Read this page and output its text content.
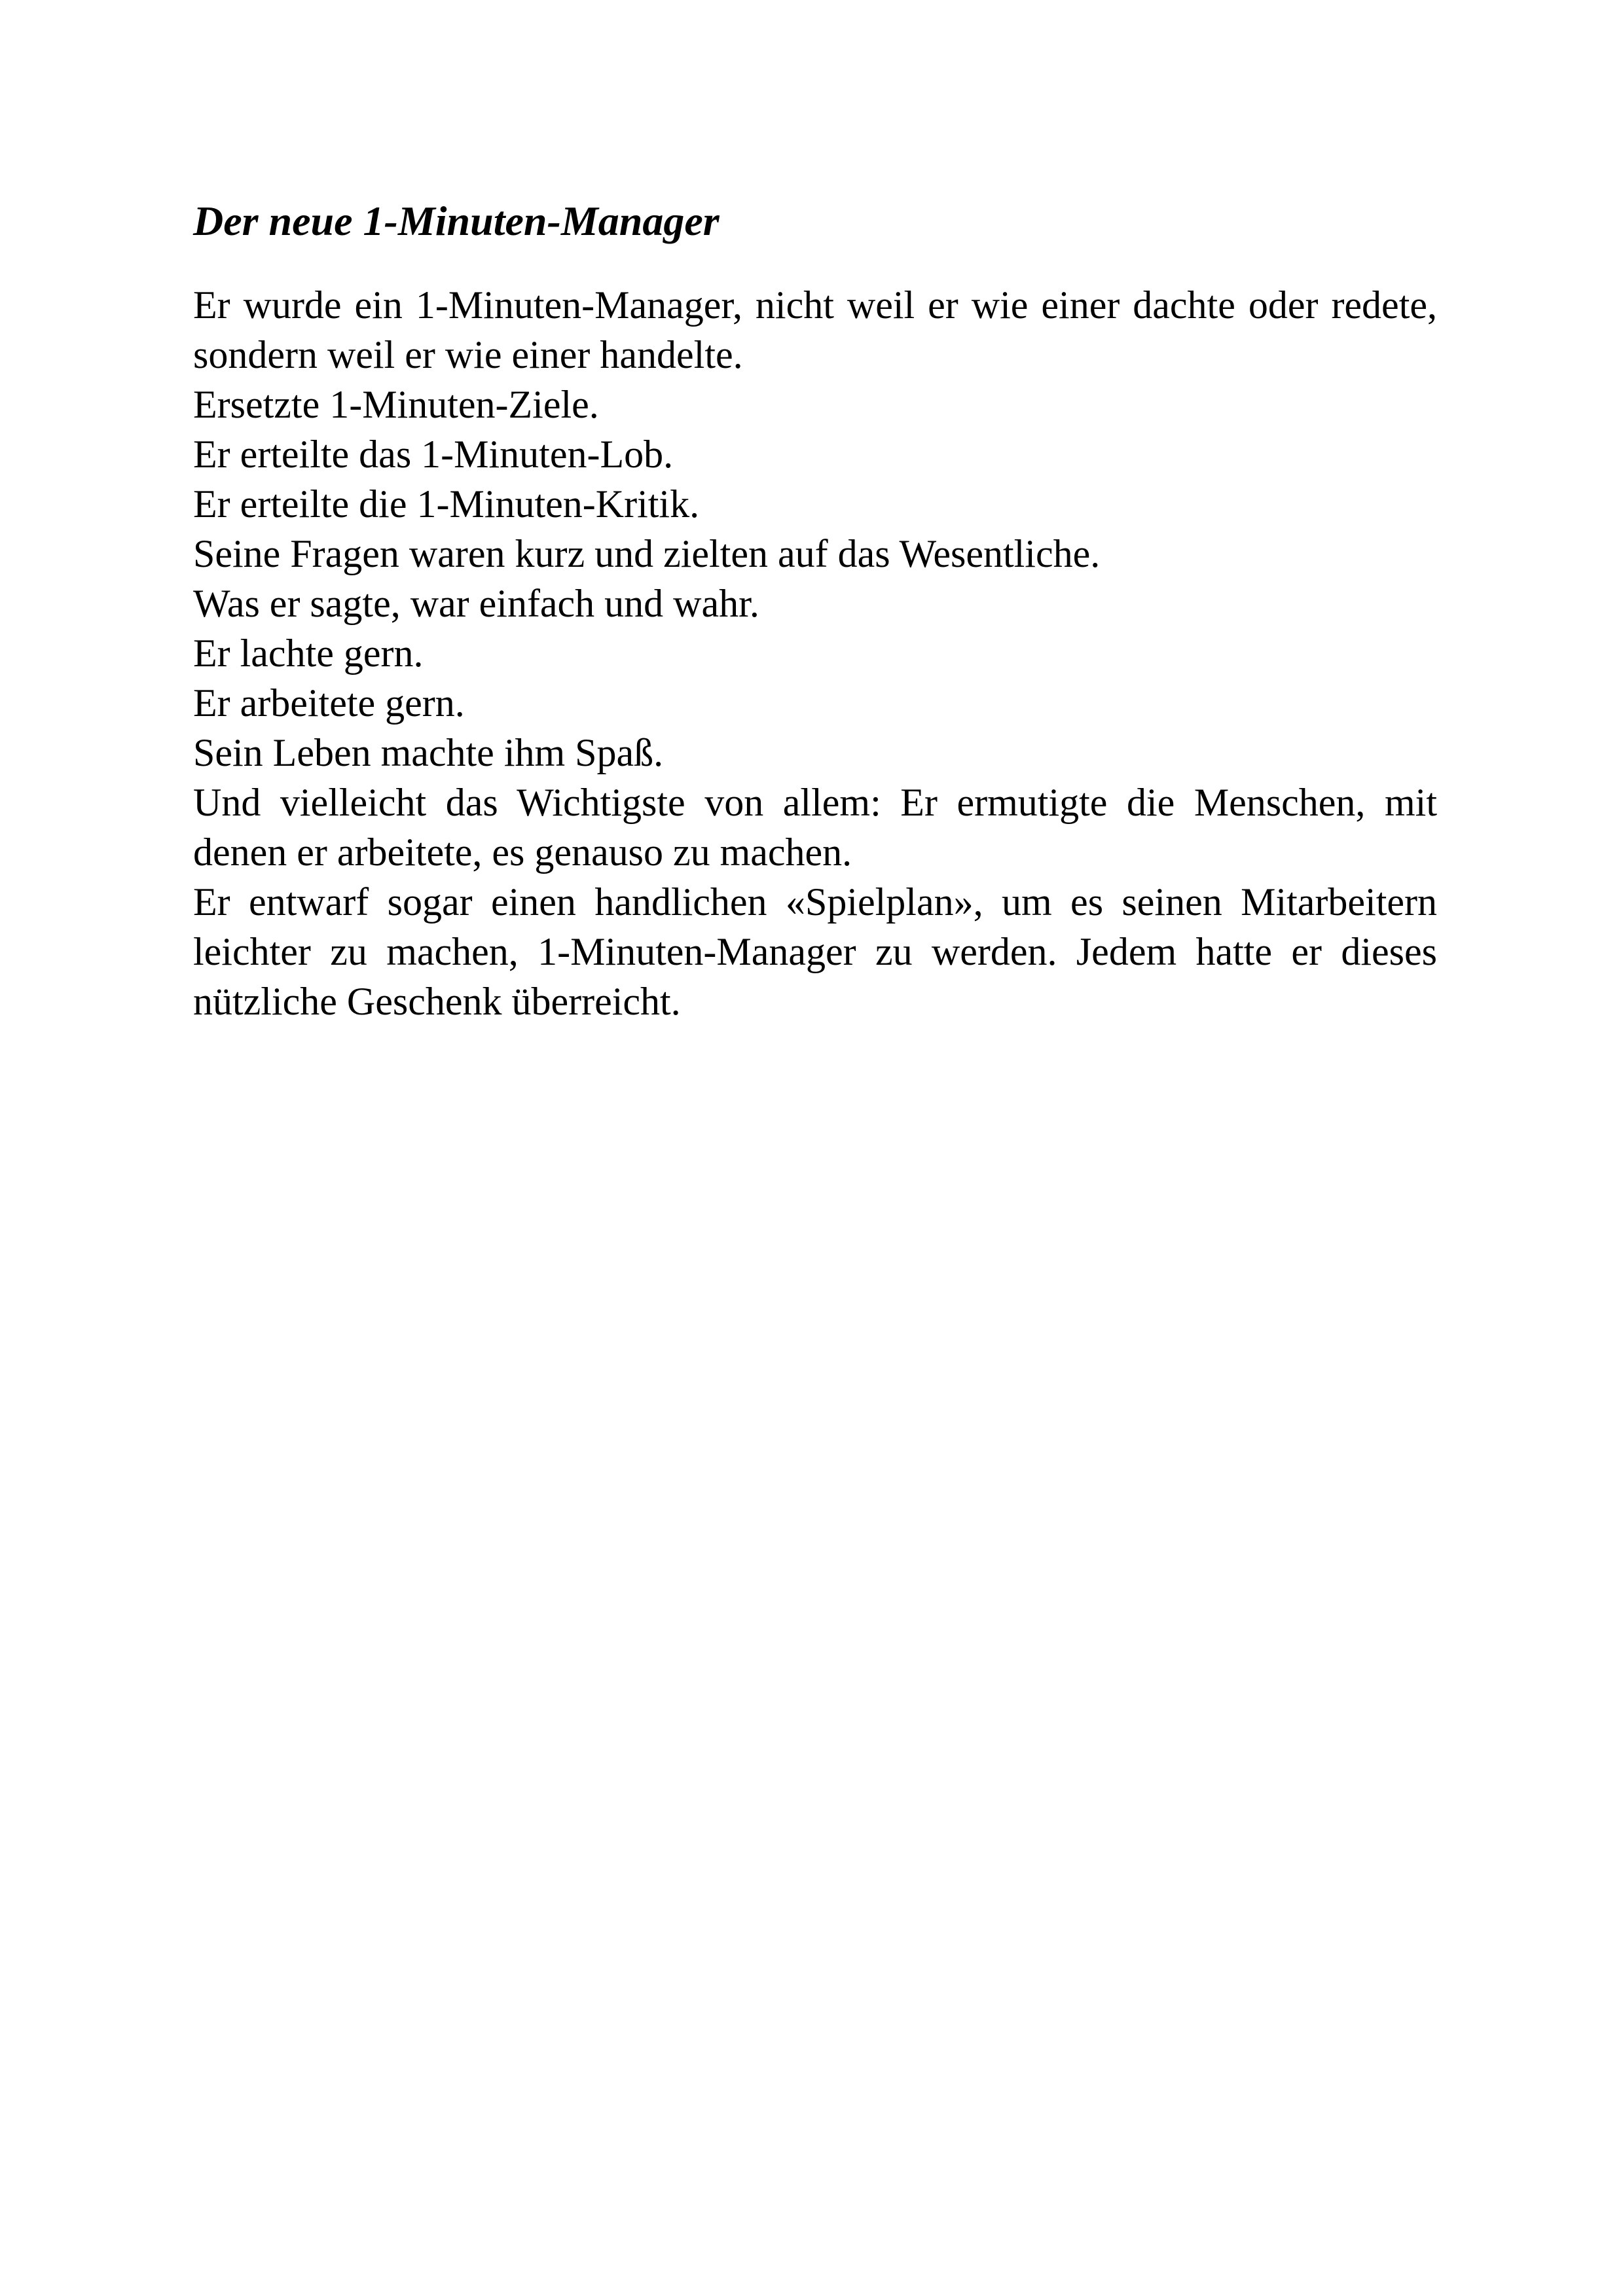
Der neue 1-Minuten-Manager
Er wurde ein 1-Minuten-Manager, nicht weil er wie einer dachte oder redete, sondern weil er wie einer handelte.
Ersetzte 1-Minuten-Ziele.
Er erteilte das 1-Minuten-Lob.
Er erteilte die 1-Minuten-Kritik.
Seine Fragen waren kurz und zielten auf das Wesentliche.
Was er sagte, war einfach und wahr.
Er lachte gern.
Er arbeitete gern.
Sein Leben machte ihm Spaß.
Und vielleicht das Wichtigste von allem: Er ermutigte die Menschen, mit denen er arbeitete, es genauso zu machen.
Er entwarf sogar einen handlichen «Spielplan», um es seinen Mitarbeitern leichter zu machen, 1-Minuten-Manager zu werden. Jedem hatte er dieses nützliche Geschenk überreicht.
